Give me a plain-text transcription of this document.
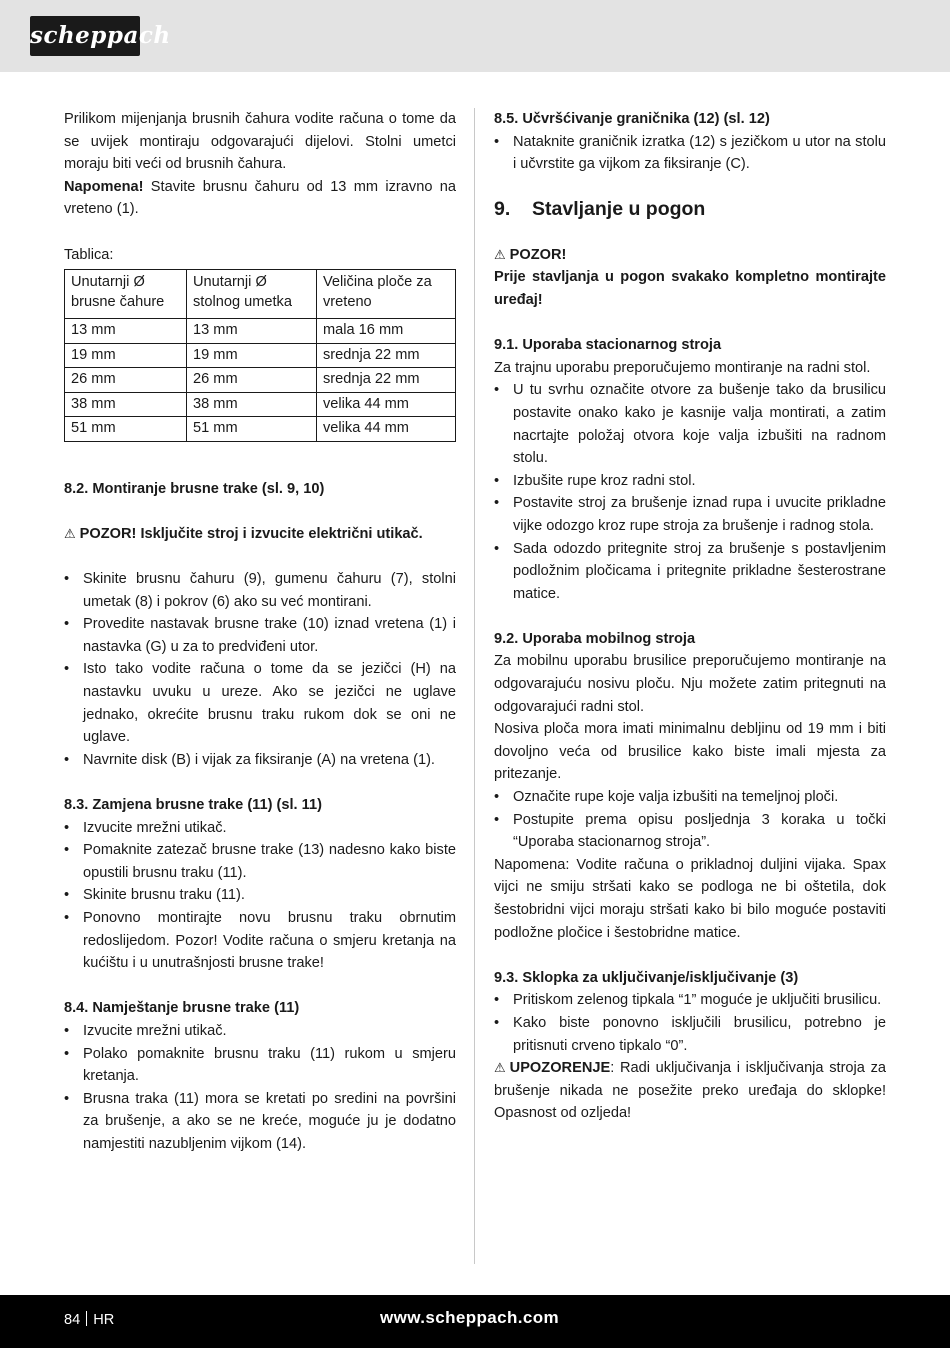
scheppach

Prilikom mijenjanja brusnih čahura vodite računa o tome da se uvijek montiraju odgovarajući dijelovi. Stolni umetci moraju biti veći od brusnih čahura.

Napomena! Stavite brusnu čahuru od 13 mm izravno na vreteno (1).

Tablica:

Unutarnji Ø brusne čahure	Unutarnji Ø stolnog umetka	Veličina ploče za vreteno
13 mm	13 mm	mala 16 mm
19 mm	19 mm	srednja 22 mm
26 mm	26 mm	srednja 22 mm
38 mm	38 mm	velika 44 mm
51 mm	51 mm	velika 44 mm

8.2. Montiranje brusne trake (sl. 9, 10)

⚠ POZOR! Isključite stroj i izvucite električni utikač.

• Skinite brusnu čahuru (9), gumenu čahuru (7), stolni umetak (8) i pokrov (6) ako su već montirani.
• Provedite nastavak brusne trake (10) iznad vretena (1) i nastavka (G) u za to predviđeni utor.
• Isto tako vodite računa o tome da se jezičci (H) na nastavku uvuku u ureze. Ako se jezičci ne uglave jednako, okrećite brusnu traku rukom dok se oni ne uglave.
• Navrnite disk (B) i vijak za fiksiranje (A) na vretena (1).

8.3. Zamjena brusne trake (11) (sl. 11)

• Izvucite mrežni utikač.
• Pomaknite zatezač brusne trake (13) nadesno kako biste opustili brusnu traku (11).
• Skinite brusnu traku (11).
• Ponovno montirajte novu brusnu traku obrnutim redoslijedom. Pozor! Vodite računa o smjeru kretanja na kućištu i u unutrašnjosti brusne trake!

8.4. Namještanje brusne trake (11)

• Izvucite mrežni utikač.
• Polako pomaknite brusnu traku (11) rukom u smjeru kretanja.
• Brusna traka (11) mora se kretati po sredini na površini za brušenje, a ako se ne kreće, moguće ju je dodatno namjestiti nazubljenim vijkom (14).

8.5. Učvršćivanje graničnika (12) (sl. 12)

• Nataknite graničnik izratka (12) s jezičkom u utor na stolu i učvrstite ga vijkom za fiksiranje (C).

9. Stavljanje u pogon

⚠ POZOR!

Prije stavljanja u pogon svakako kompletno montirajte uređaj!

9.1. Uporaba stacionarnog stroja

Za trajnu uporabu preporučujemo montiranje na radni stol.

• U tu svrhu označite otvore za bušenje tako da brusilicu postavite onako kako je kasnije valja montirati, a zatim nacrtajte položaj otvora koje valja izbušiti na radnom stolu.
• Izbušite rupe kroz radni stol.
• Postavite stroj za brušenje iznad rupa i uvucite prikladne vijke odozgo kroz rupe stroja za brušenje i radnog stola.
• Sada odozdo pritegnite stroj za brušenje s postavljenim podložnim pločicama i pritegnite prikladne šesterostrane matice.

9.2. Uporaba mobilnog stroja

Za mobilnu uporabu brusilice preporučujemo montiranje na odgovarajuću nosivu ploču. Nju možete zatim pritegnuti na odgovarajući radni stol.

Nosiva ploča mora imati minimalnu debljinu od 19 mm i biti dovoljno veća od brusilice kako biste imali mjesta za pritezanje.

• Označite rupe koje valja izbušiti na temeljnoj ploči.
• Postupite prema opisu posljednja 3 koraka u točki “Uporaba stacionarnog stroja”.

Napomena: Vodite računa o prikladnoj duljini vijaka. Spax vijci ne smiju stršati kako se podloga ne bi oštetila, dok šestobridni vijci moraju stršati kako bi bilo moguće postaviti podložne pločice i šestobridne matice.

9.3. Sklopka za uključivanje/isključivanje (3)

• Pritiskom zelenog tipkala “1” moguće je uključiti brusilicu.
• Kako biste ponovno isključili brusilicu, potrebno je pritisnuti crveno tipkalo “0”.

⚠ UPOZORENJE: Radi uključivanja i isključivanja stroja za brušenje nikada ne posežite preko uređaja do sklopke! Opasnost od ozljeda!

84 HR	www.scheppach.com
